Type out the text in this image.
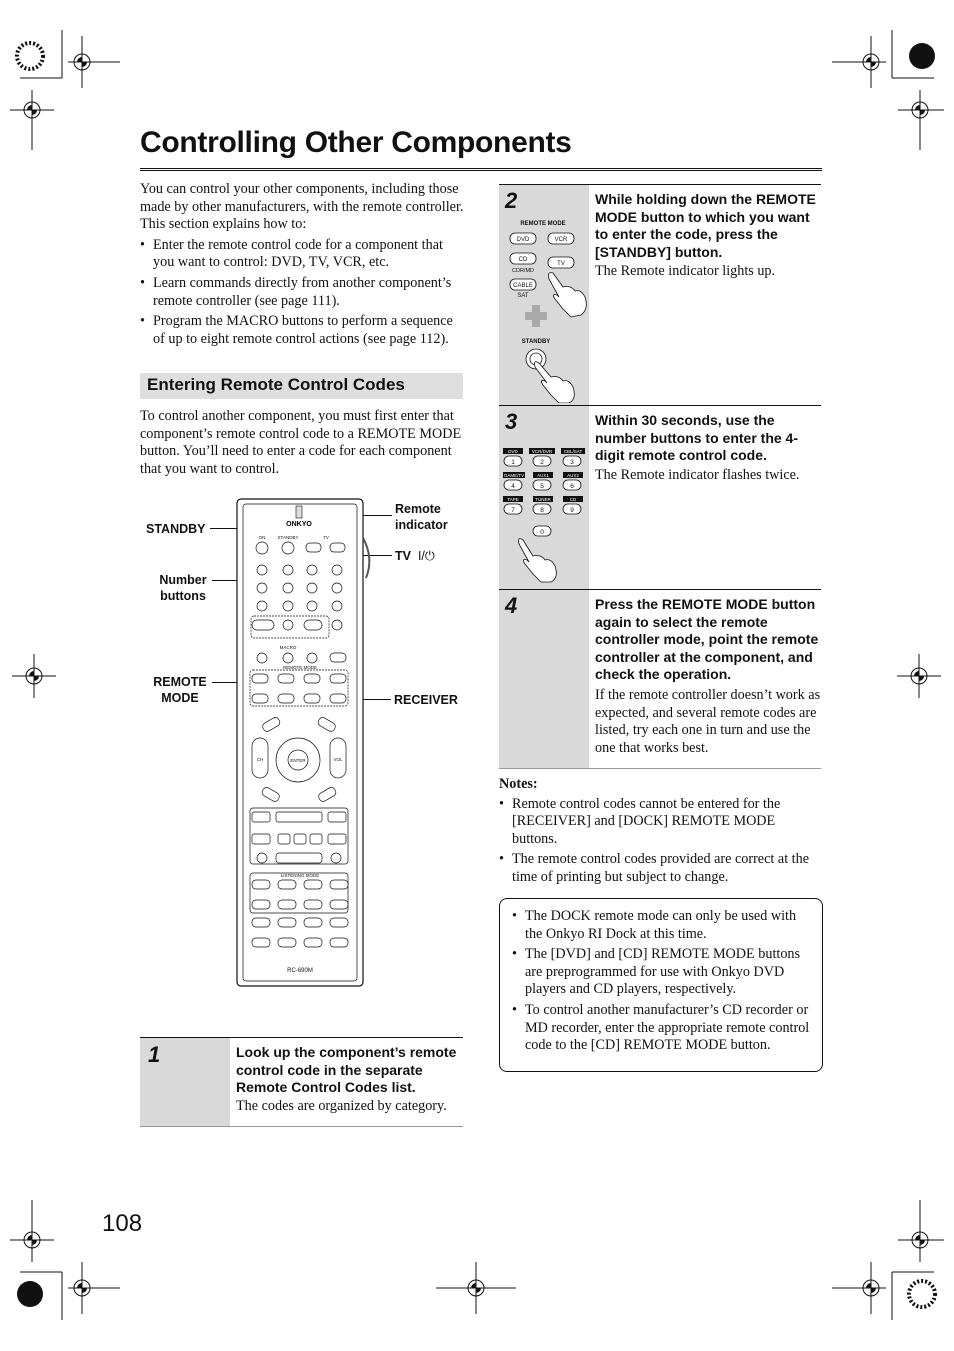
Controlling Other Components

You can control your other components, including those made by other manufacturers, with the remote controller. This section explains how to:

• Enter the remote control code for a component that you want to control: DVD, TV, VCR, etc.
• Learn commands directly from another component’s remote controller (see page 111).
• Program the MACRO buttons to perform a sequence of up to eight remote control actions (see page 112).
Entering Remote Control Codes
To control another component, you must first enter that component’s remote control code to a REMOTE MODE button. You’ll need to enter a code for each component that you want to control.
STANDBY
Number buttons
REMOTE MODE
Remote indicator
TV I/⏻
RECEIVER
ONKYO
ON	STANDBY	TV
MACRO
REMOTE MODE
ENTER	VOL
CH
LISTENING MODE
RC-690M
1	Look up the component’s remote control code in the separate Remote Control Codes list.
The codes are organized by category.
2
REMOTE MODE
DVD	VCR
CD
CDR/MD
TV
CABLE
SAT
STANDBY
While holding down the REMOTE MODE button to which you want to enter the code, press the [STANDBY] button.
The Remote indicator lights up.
3
DVD	VCR/DVR	CBL/SAT
GAME/TV	AUX1	AUX2
TAPE	TUNER	CD
1	2	3
4	5	6
7	8	9
0
Within 30 seconds, use the number buttons to enter the 4-digit remote control code.
The Remote indicator flashes twice.
4	Press the REMOTE MODE button again to select the remote controller mode, point the remote controller at the component, and check the operation.
If the remote controller doesn’t work as expected, and several remote codes are listed, try each one in turn and use the one that works best.
Notes:
• Remote control codes cannot be entered for the [RECEIVER] and [DOCK] REMOTE MODE buttons.
• The remote control codes provided are correct at the time of printing but subject to change.
• The DOCK remote mode can only be used with the Onkyo RI Dock at this time.
• The [DVD] and [CD] REMOTE MODE buttons are preprogrammed for use with Onkyo DVD players and CD players, respectively.
• To control another manufacturer’s CD recorder or MD recorder, enter the appropriate remote control code to the [CD] REMOTE MODE button.
108
